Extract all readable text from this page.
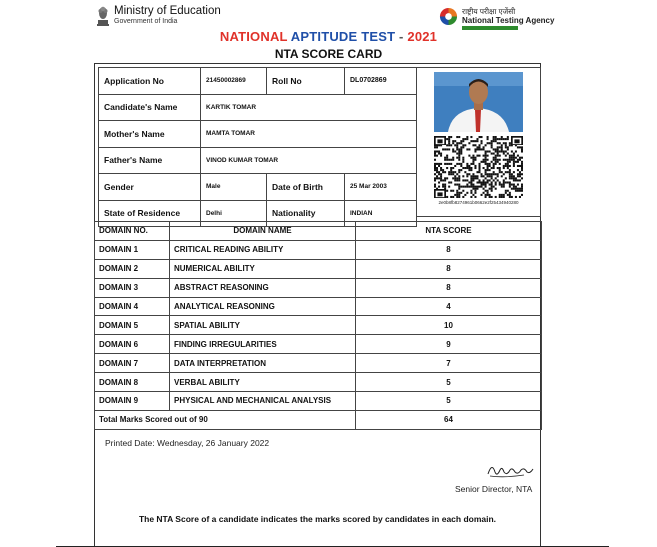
Ministry of Education
Government of India
राष्ट्रीय परीक्षा एजेंसी
National Testing Agency
NATIONAL APTITUDE TEST - 2021
NTA SCORE CARD
Application No	21450002869	Roll No	DL0702869
Candidate's Name	KARTIK TOMAR		
Mother's Name	MAMTA TOMAR		
Father's Name	VINOD KUMAR TOMAR		
Gender	Male	Date of Birth	25 Mar 2003
State of Residence	Delhi	Nationality	INDIAN
2e0b8fb8274961b0662e2f25434940280
DOMAIN NO.	DOMAIN NAME	NTA SCORE
DOMAIN 1	CRITICAL READING ABILITY	8
DOMAIN 2	NUMERICAL ABILITY	8
DOMAIN 3	ABSTRACT REASONING	8
DOMAIN 4	ANALYTICAL REASONING	4
DOMAIN 5	SPATIAL ABILITY	10
DOMAIN 6	FINDING IRREGULARITIES	9
DOMAIN 7	DATA INTERPRETATION	7
DOMAIN 8	VERBAL ABILITY	5
DOMAIN 9	PHYSICAL AND MECHANICAL ANALYSIS	5
Total Marks Scored out of 90		64
Printed Date: Wednesday, 26 January 2022
Senior Director, NTA
The NTA Score of a candidate indicates the marks scored by candidates in each domain.
